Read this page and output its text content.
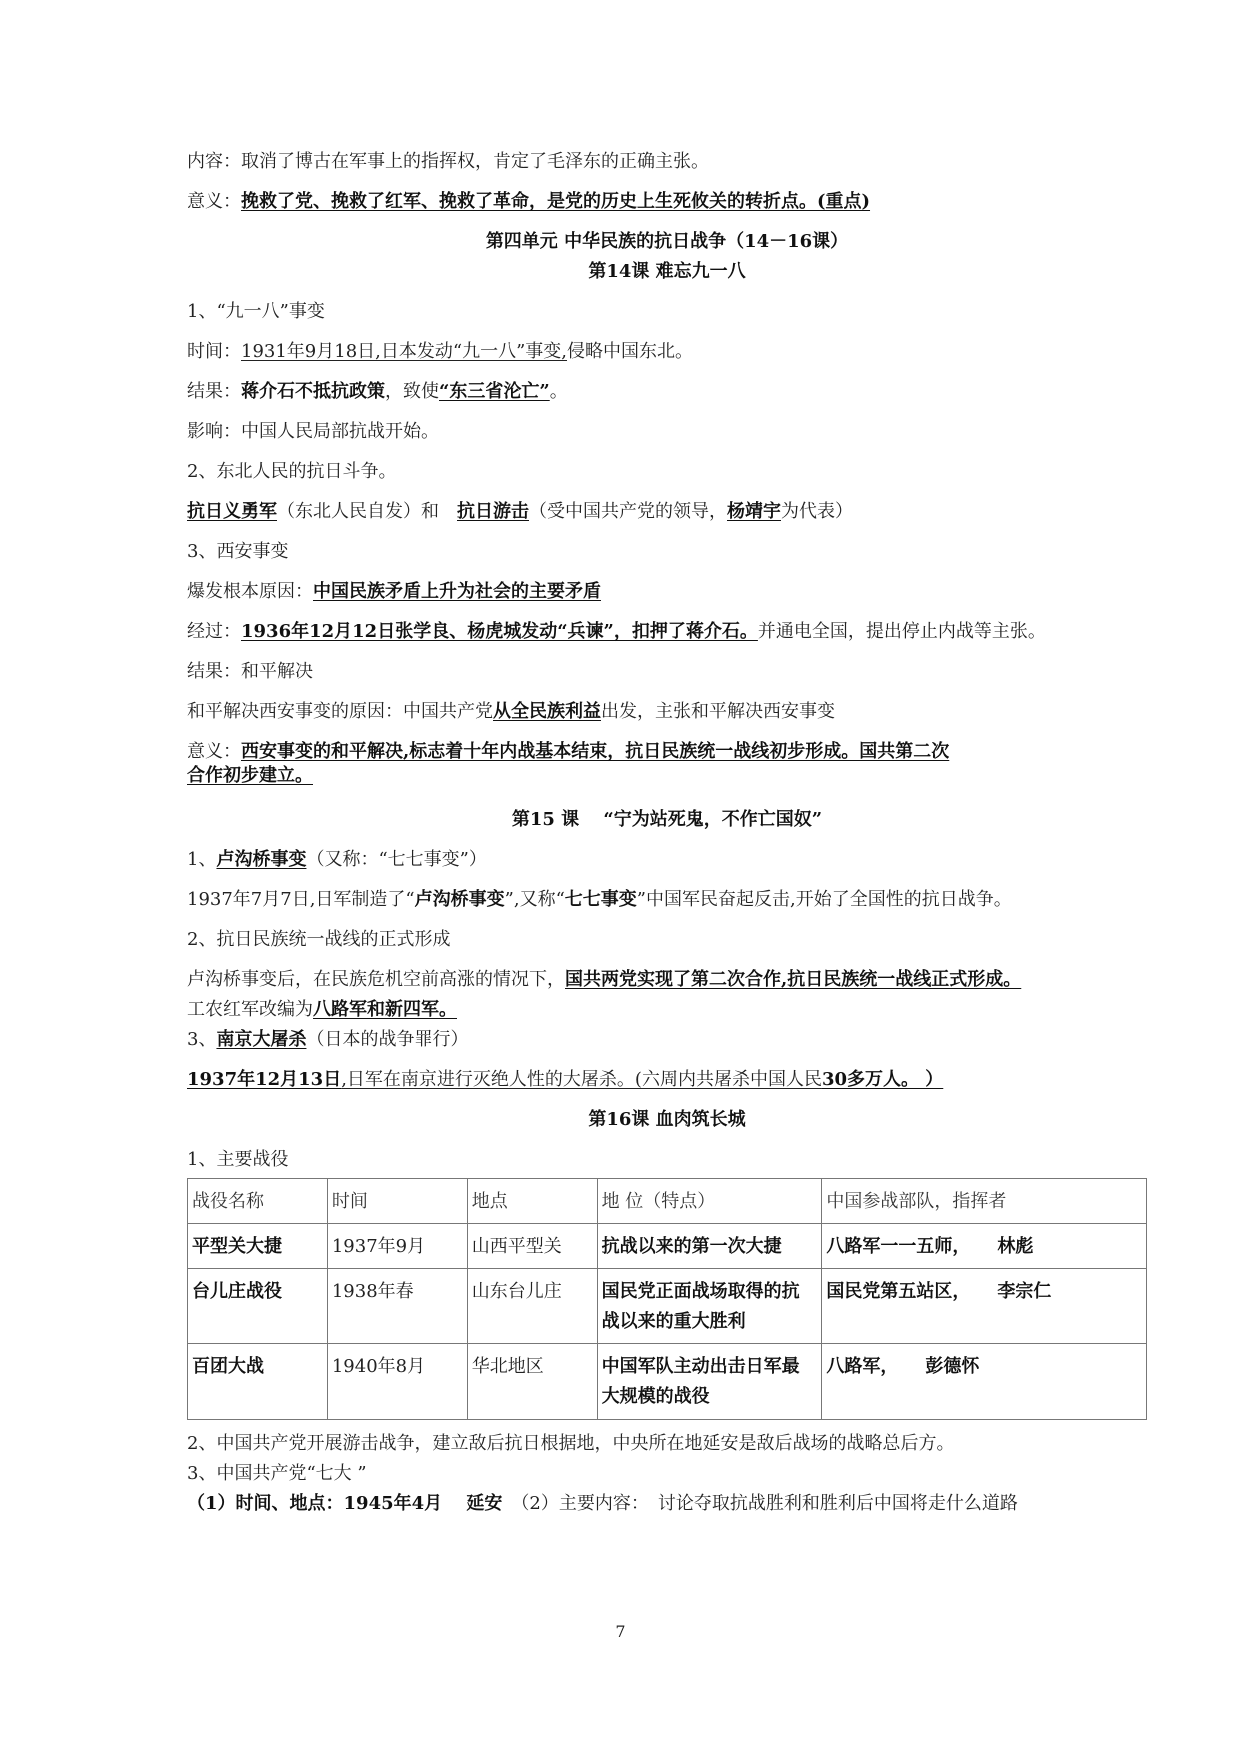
内容：取消了博古在军事上的指挥权，肯定了毛泽东的正确主张。

意义：挽救了党、挽救了红军、挽救了革命，是党的历史上生死攸关的转折点。(重点)

第四单元 中华民族的抗日战争（14－16课）

第14课 难忘九一八

1、“九一八”事变

时间：1931年9月18日,日本发动“九一八”事变,侵略中国东北。

结果：蒋介石不抵抗政策，致使“东三省沦亡”。

影响：中国人民局部抗战开始。

2、东北人民的抗日斗争。

抗日义勇军（东北人民自发）和　抗日游击（受中国共产党的领导，杨靖宇为代表）

3、西安事变

爆发根本原因：中国民族矛盾上升为社会的主要矛盾

经过：1936年12月12日张学良、杨虎城发动“兵谏”，扣押了蒋介石。并通电全国，提出停止内战等主张。

结果：和平解决

和平解决西安事变的原因：中国共产党从全民族利益出发，主张和平解决西安事变

意义：西安事变的和平解决,标志着十年内战基本结束，抗日民族统一战线初步形成。国共第二次合作初步建立。

第15 课　 “宁为站死鬼，不作亡国奴”

1、卢沟桥事变（又称：“七七事变”）

1937年7月7日,日军制造了“卢沟桥事变”,又称“七七事变”中国军民奋起反击,开始了全国性的抗日战争。

2、抗日民族统一战线的正式形成

卢沟桥事变后，在民族危机空前高涨的情况下，国共两党实现了第二次合作,抗日民族统一战线正式形成。

工农红军改编为八路军和新四军。

3、南京大屠杀（日本的战争罪行）

1937年12月13日,日军在南京进行灭绝人性的大屠杀。(六周内共屠杀中国人民30多万人。 ）

第16课 血肉筑长城

1、主要战役

战役名称	时间	地点	地 位（特点）	中国参战部队，指挥者
平型关大捷	1937年9月	山西平型关	抗战以来的第一次大捷	八路军一一五师，　　林彪
台儿庄战役	1938年春	山东台儿庄	国民党正面战场取得的抗战以来的重大胜利	国民党第五站区，　　李宗仁
百团大战	1940年8月	华北地区	中国军队主动出击日军最大规模的战役	八路军，　　彭德怀

2、中国共产党开展游击战争，建立敌后抗日根据地，中央所在地延安是敌后战场的战略总后方。

3、中国共产党“七大 ”

（1）时间、地点：1945年4月　 延安　（2）主要内容：　讨论夺取抗战胜利和胜利后中国将走什么道路

7
